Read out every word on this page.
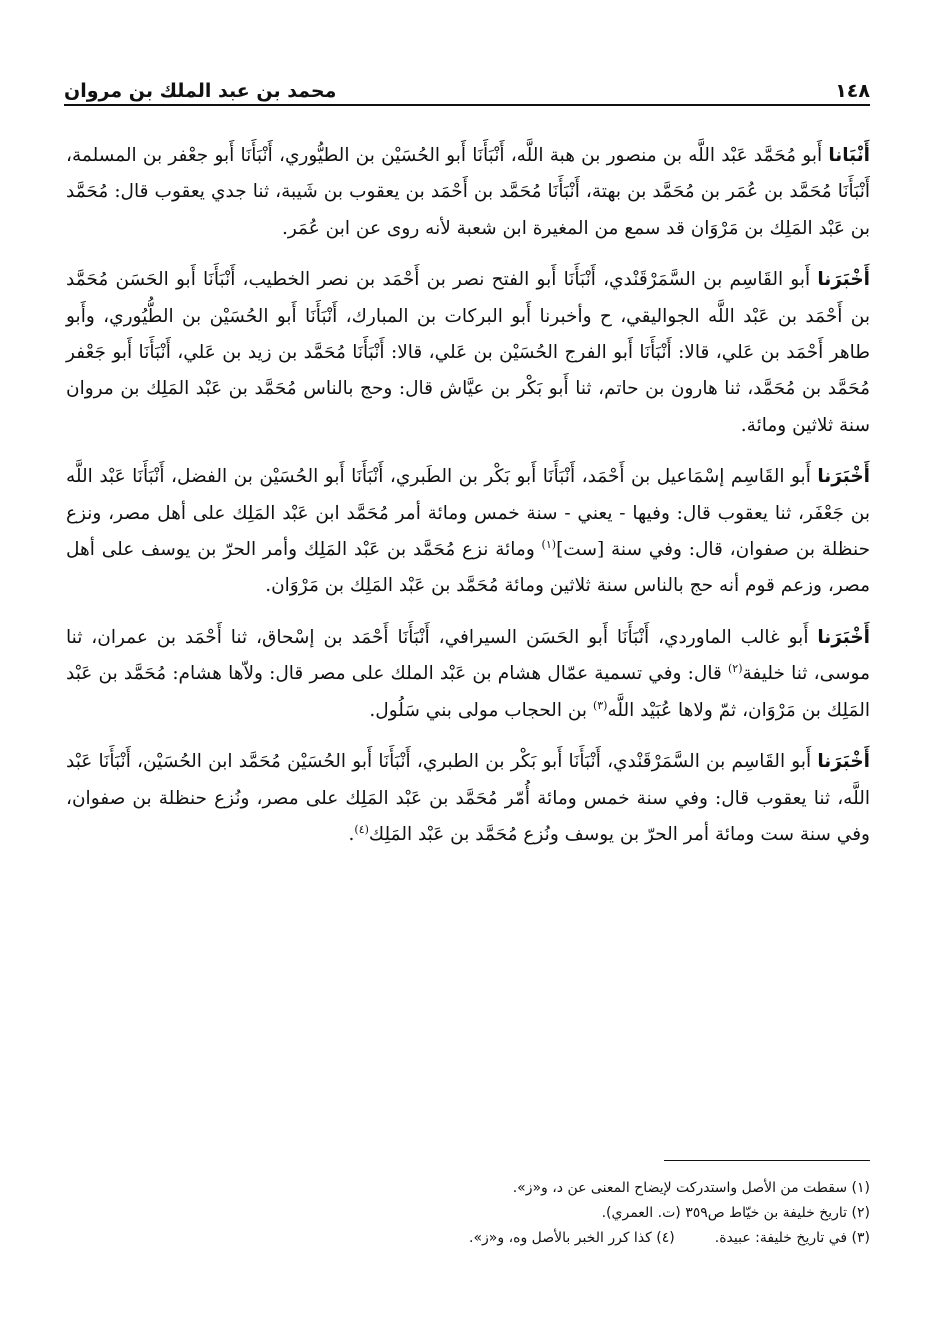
١٤٨
محمد بن عبد الملك بن مروان

أَنْبَانا أَبو مُحَمَّد عَبْد اللَّه بن منصور بن هبة اللَّه، أَنْبَأَنَا أَبو الحُسَيْن بن الطيُّوري، أَنْبَأَنَا أَبو جعْفر بن المسلمة، أَنْبَأَنَا مُحَمَّد بن عُمَر بن مُحَمَّد بن بهتة، أَنْبَأَنَا مُحَمَّد بن أَحْمَد بن يعقوب بن شَيبة، ثنا جدي يعقوب قال: مُحَمَّد بن عَبْد المَلِك بن مَرْوَان قد سمع من المغيرة ابن شعبة لأنه روى عن ابن عُمَر.

أَخْبَرَنا أَبو القَاسِم بن السَّمَرْقَنْدي، أَنْبَأَنَا أَبو الفتح نصر بن أَحْمَد بن نصر الخطيب، أَنْبَأَنَا أَبو الحَسَن مُحَمَّد بن أَحْمَد بن عَبْد اللَّه الجواليقي، ح وأخبرنا أَبو البركات بن المبارك، أَنْبَأَنَا أَبو الحُسَيْن بن الطُّيُوري، وأَبو طاهر أَحْمَد بن عَلي، قالا: أَنْبَأَنَا أَبو الفرج الحُسَيْن بن عَلي، قالا: أَنْبَأَنَا مُحَمَّد بن زيد بن عَلي، أَنْبَأَنَا أَبو جَعْفر مُحَمَّد بن مُحَمَّد، ثنا هارون بن حاتم، ثنا أَبو بَكْر بن عيَّاش قال: وحج بالناس مُحَمَّد بن عَبْد المَلِك بن مروان سنة ثلاثين ومائة.

أَخْبَرَنا أَبو القَاسِم إسْمَاعيل بن أَحْمَد، أَنْبَأَنَا أَبو بَكْر بن الطَبري، أَنْبَأَنَا أَبو الحُسَيْن بن الفضل، أَنْبَأَنَا عَبْد اللَّه بن جَعْفَر، ثنا يعقوب قال: وفيها - يعني - سنة خمس ومائة أمر مُحَمَّد ابن عَبْد المَلِك على أهل مصر، ونزع حنظلة بن صفوان، قال: وفي سنة [ست]$^{(١)}$ ومائة نزع مُحَمَّد بن عَبْد المَلِك وأمر الحرّ بن يوسف على أهل مصر، وزعم قوم أنه حج بالناس سنة ثلاثين ومائة مُحَمَّد بن عَبْد المَلِك بن مَرْوَان.

أَخْبَرَنا أَبو غالب الماوردي، أَنْبَأَنَا أَبو الحَسَن السيرافي، أَنْبَأَنَا أَحْمَد بن إسْحاق، ثنا أَحْمَد بن عمران، ثنا موسى، ثنا خليفة$^{(٢)}$ قال: وفي تسمية عمّال هشام بن عَبْد الملك على مصر قال: ولاّها هشام: مُحَمَّد بن عَبْد المَلِك بن مَرْوَان، ثمّ ولاها عُبَيْد اللَّه$^{(٣)}$ بن الحجاب مولى بني سَلُول.

أَخْبَرَنا أَبو القَاسِم بن السَّمَرْقَنْدي، أَنْبَأَنَا أَبو بَكْر بن الطبري، أَنْبَأَنَا أَبو الحُسَيْن مُحَمَّد ابن الحُسَيْن، أَنْبَأَنَا عَبْد اللَّه، ثنا يعقوب قال: وفي سنة خمس ومائة أُمّر مُحَمَّد بن عَبْد المَلِك على مصر، ونُزع حنظلة بن صفوان، وفي سنة ست ومائة أمر الحرّ بن يوسف ونُزع مُحَمَّد بن عَبْد المَلِك$^{(٤)}$.

(١) سقطت من الأصل واستدركت لإيضاح المعنى عن د، و«ز».
(٢) تاريخ خليفة بن خيّاط ص٣٥٩ (ت. العمري).
(٣) في تاريخ خليفة: عبيدة.
(٤) كذا كرر الخبر بالأصل وه، و«ز».
